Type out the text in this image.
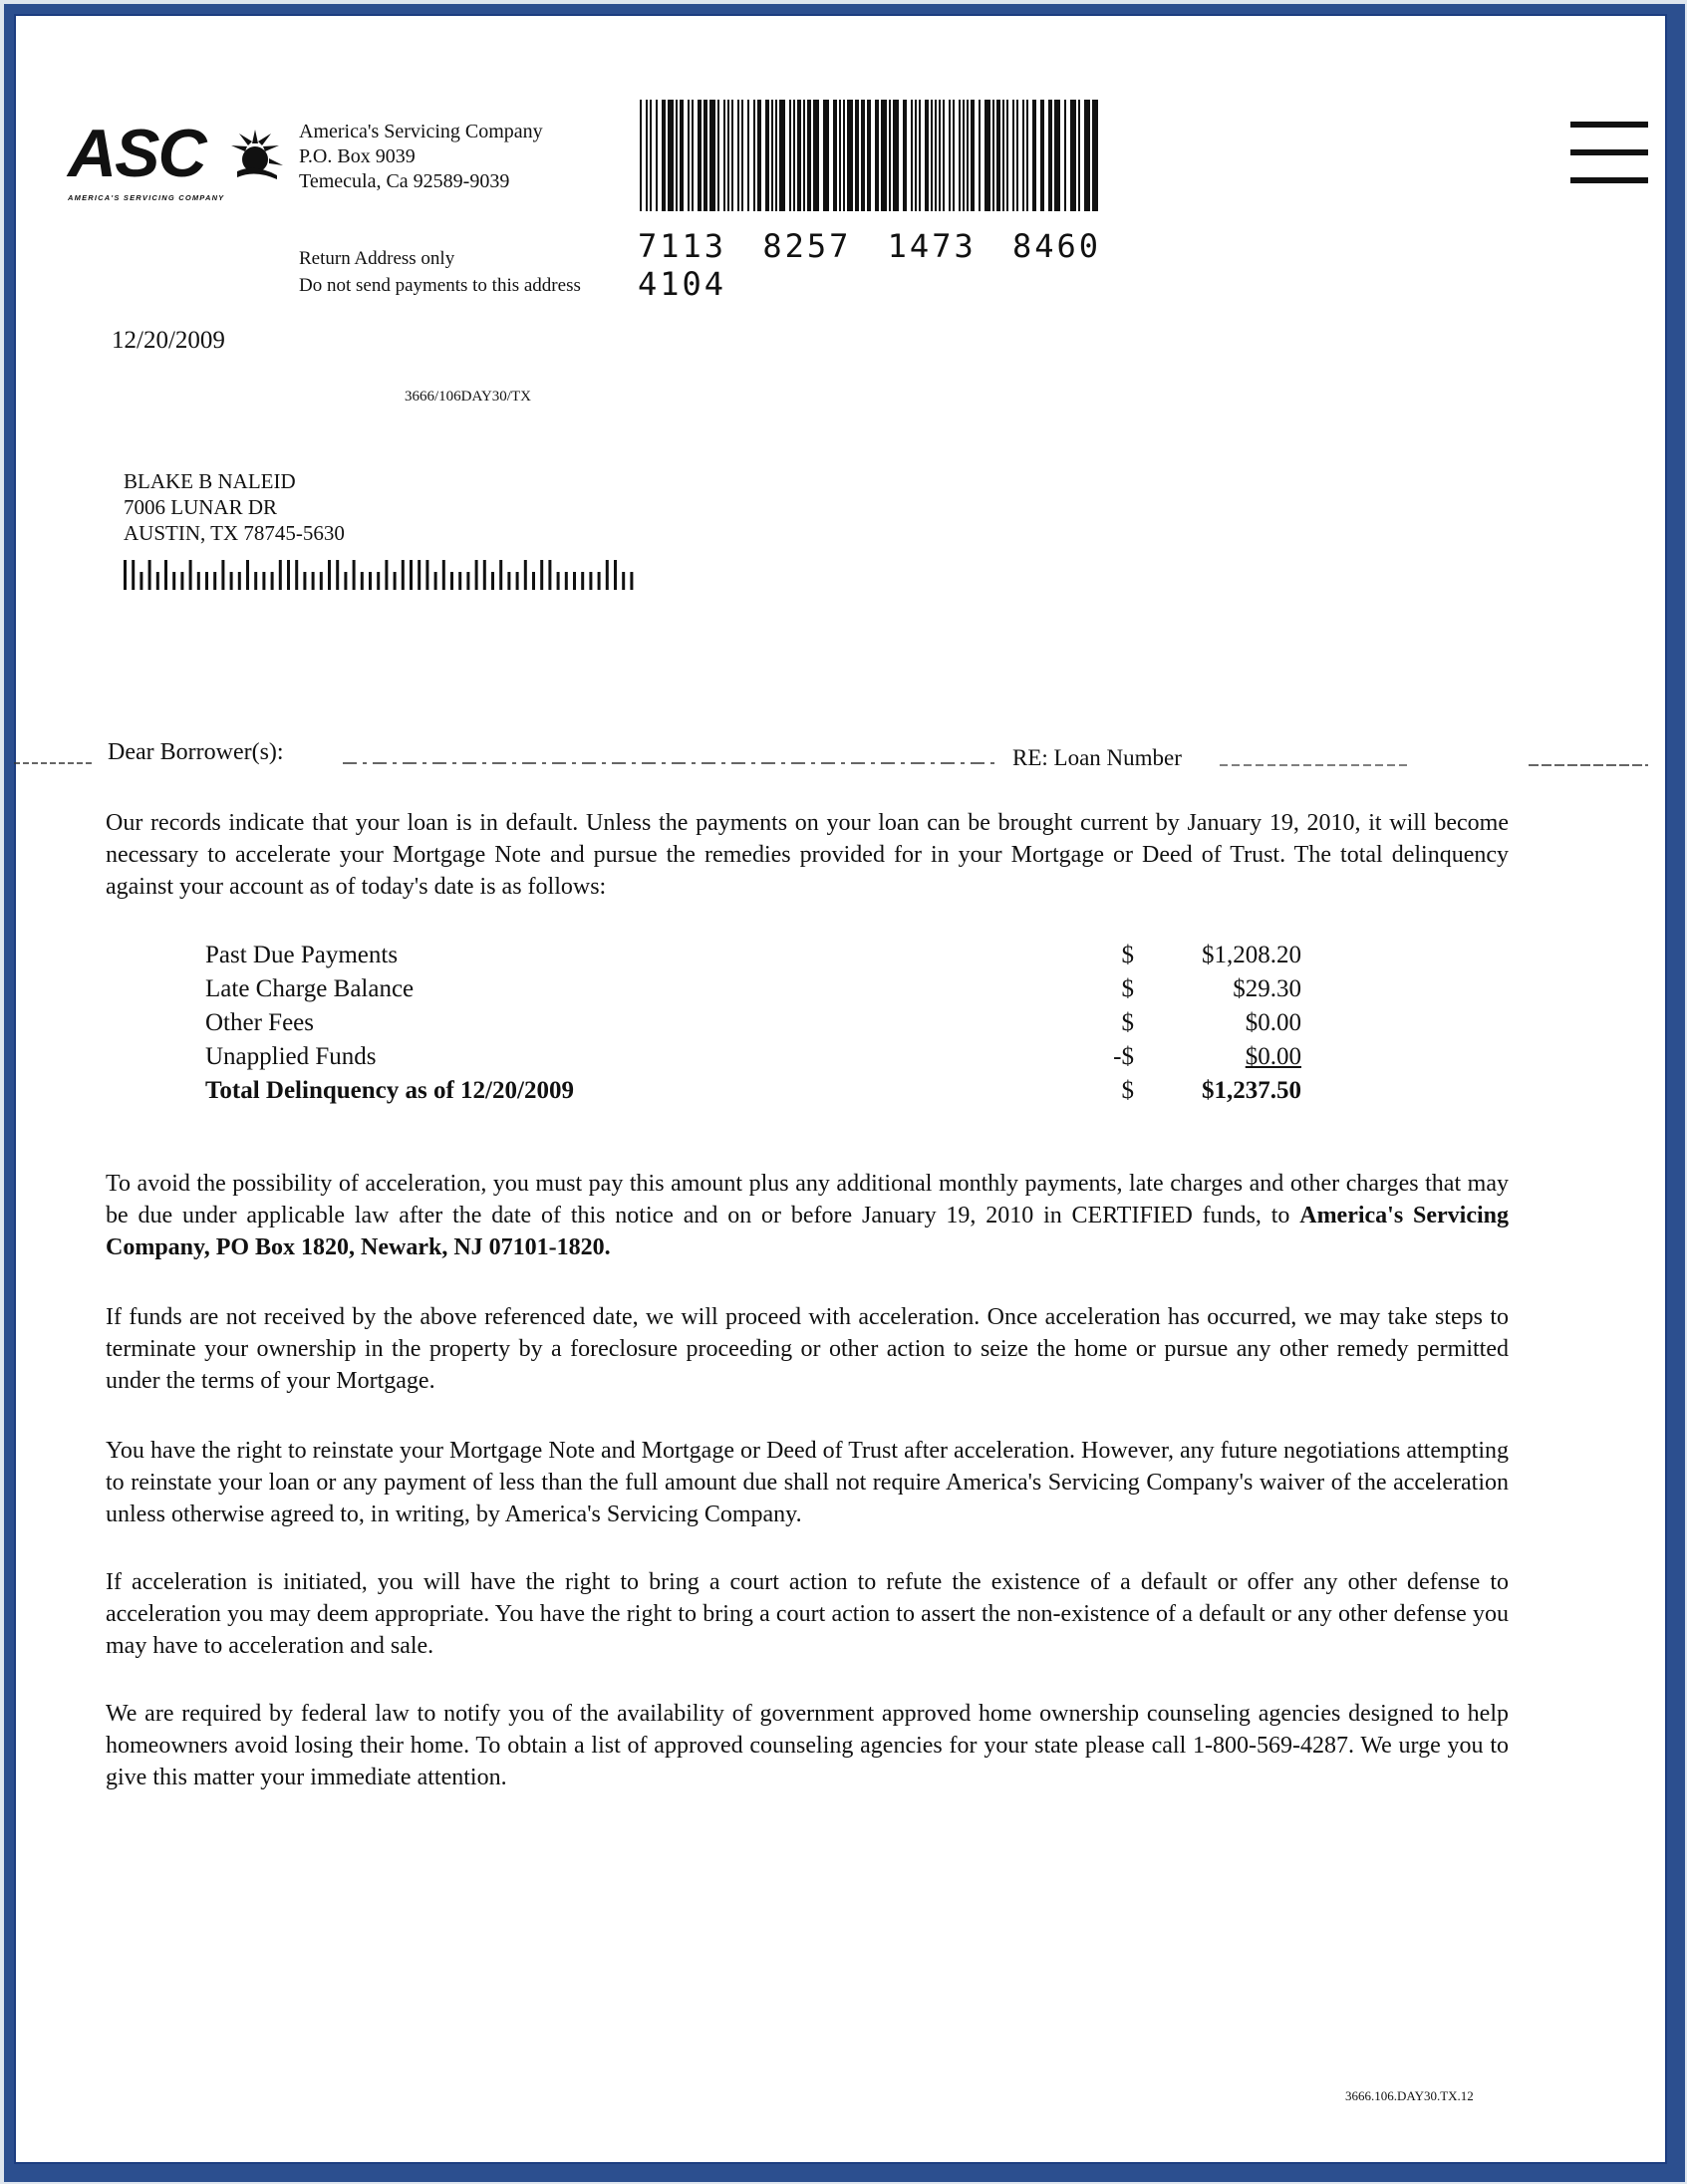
ASC
AMERICA'S SERVICING COMPANY
America's Servicing Company
P.O. Box 9039
Temecula, Ca 92589-9039
Return Address only
Do not send payments to this address
7113 8257 1473 8460 4104
12/20/2009
3666/106DAY30/TX
BLAKE B NALEID
7006 LUNAR DR
AUSTIN, TX 78745-5630
Dear Borrower(s):	RE: Loan Number
Our records indicate that your loan is in default. Unless the payments on your loan can be brought current by January 19, 2010, it will become necessary to accelerate your Mortgage Note and pursue the remedies provided for in your Mortgage or Deed of Trust. The total delinquency against your account as of today's date is as follows:
Past Due Payments	$	$1,208.20
Late Charge Balance	$	$29.30
Other Fees	$	$0.00
Unapplied Funds	-$	$0.00
Total Delinquency as of 12/20/2009	$	$1,237.50
To avoid the possibility of acceleration, you must pay this amount plus any additional monthly payments, late charges and other charges that may be due under applicable law after the date of this notice and on or before January 19, 2010 in CERTIFIED funds, to America's Servicing Company, PO Box 1820, Newark, NJ 07101-1820.
If funds are not received by the above referenced date, we will proceed with acceleration. Once acceleration has occurred, we may take steps to terminate your ownership in the property by a foreclosure proceeding or other action to seize the home or pursue any other remedy permitted under the terms of your Mortgage.
You have the right to reinstate your Mortgage Note and Mortgage or Deed of Trust after acceleration. However, any future negotiations attempting to reinstate your loan or any payment of less than the full amount due shall not require America's Servicing Company's waiver of the acceleration unless otherwise agreed to, in writing, by America's Servicing Company.
If acceleration is initiated, you will have the right to bring a court action to refute the existence of a default or offer any other defense to acceleration you may deem appropriate. You have the right to bring a court action to assert the non-existence of a default or any other defense you may have to acceleration and sale.
We are required by federal law to notify you of the availability of government approved home ownership counseling agencies designed to help homeowners avoid losing their home. To obtain a list of approved counseling agencies for your state please call 1-800-569-4287. We urge you to give this matter your immediate attention.
3666.106.DAY30.TX.12
